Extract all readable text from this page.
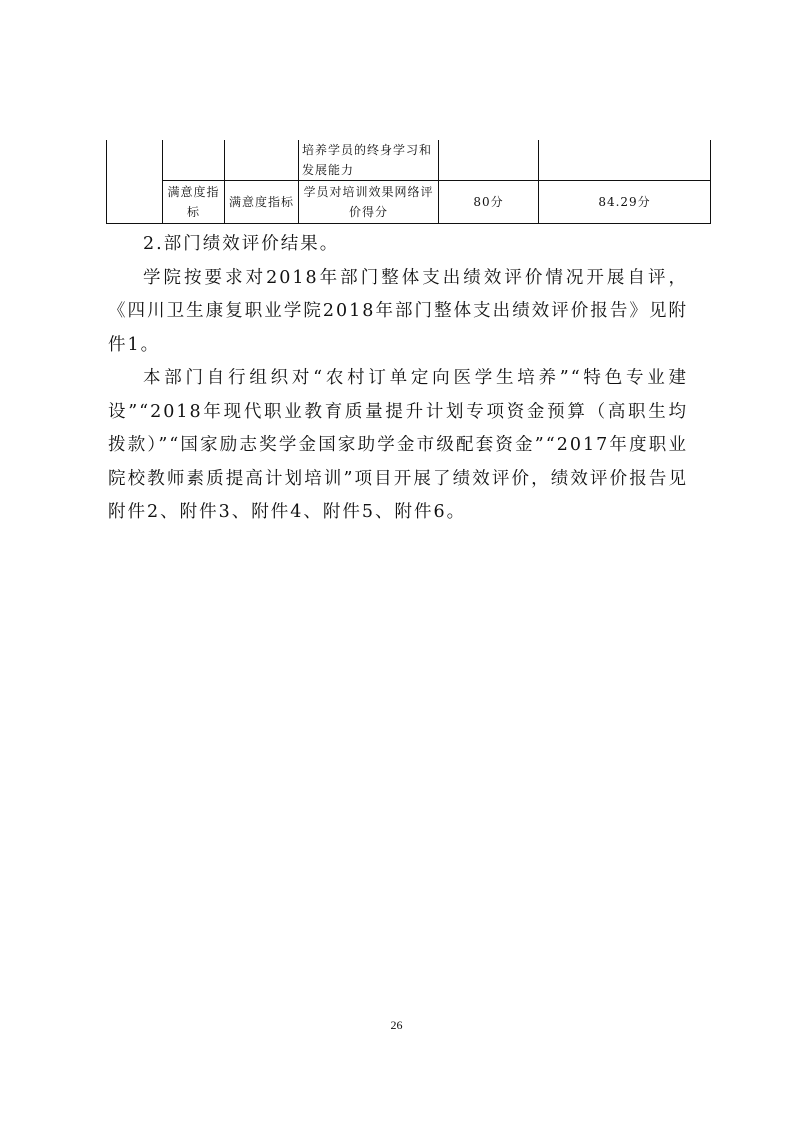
			培养学员的终身学习和发展能力		
	满意度指标	满意度指标	学员对培训效果网络评价得分	80分	84.29分

2.部门绩效评价结果。

学院按要求对2018年部门整体支出绩效评价情况开展自评，《四川卫生康复职业学院2018年部门整体支出绩效评价报告》见附件1。

本部门自行组织对“农村订单定向医学生培养”“特色专业建设”“2018年现代职业教育质量提升计划专项资金预算（高职生均拨款）”“国家励志奖学金国家助学金市级配套资金”“2017年度职业院校教师素质提高计划培训”项目开展了绩效评价，绩效评价报告见附件2、附件3、附件4、附件5、附件6。

26
